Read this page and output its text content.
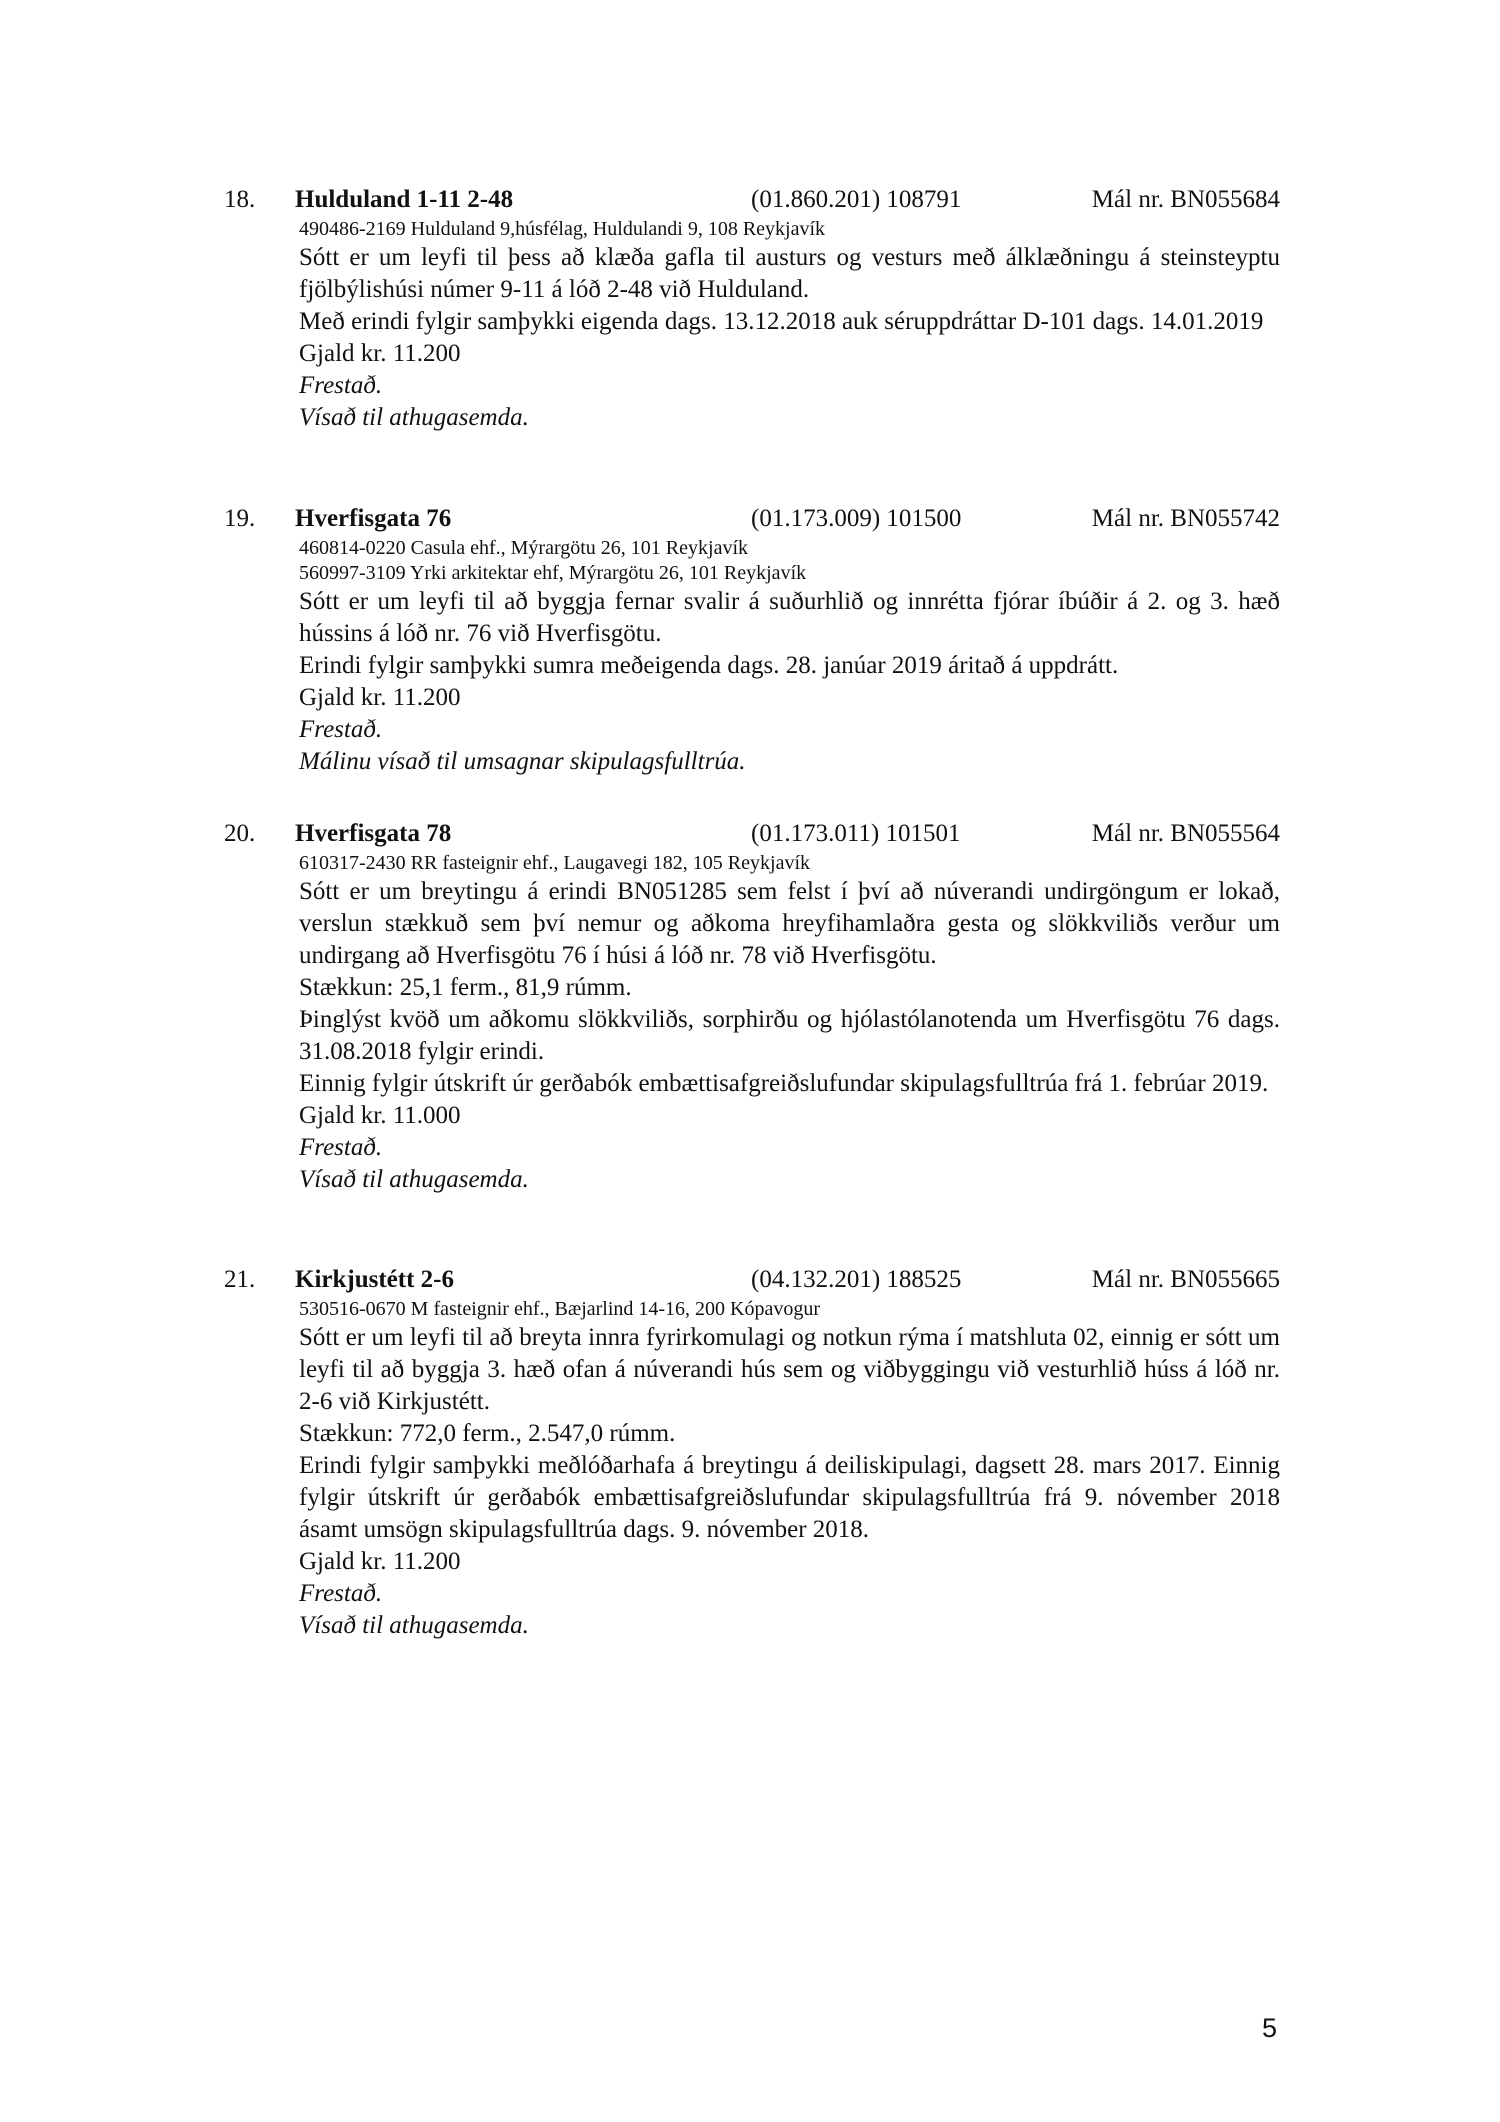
18. Hulduland 1-11 2-48	(01.860.201) 108791	Mál nr. BN055684
490486-2169 Hulduland 9,húsfélag, Huldulandi 9, 108 Reykjavík

Sótt er um leyfi til þess að klæða gafla til austurs og vesturs með álklæðningu á steinsteyptu fjölbýlishúsi númer 9-11 á lóð 2-48 við Hulduland.

Með erindi fylgir samþykki eigenda dags. 13.12.2018 auk séruppdráttar D-101 dags. 14.01.2019

Gjald kr. 11.200

Frestað.

Vísað til athugasemda.

19. Hverfisgata 76	(01.173.009) 101500	Mál nr. BN055742
460814-0220 Casula ehf., Mýrargötu 26, 101 Reykjavík
560997-3109 Yrki arkitektar ehf, Mýrargötu 26, 101 Reykjavík

Sótt er um leyfi til að byggja fernar svalir á suðurhlið og innrétta fjórar íbúðir á 2. og 3. hæð hússins á lóð nr. 76 við Hverfisgötu.

Erindi fylgir samþykki sumra meðeigenda dags. 28. janúar 2019 áritað á uppdrátt.

Gjald kr. 11.200

Frestað.

Málinu vísað til umsagnar skipulagsfulltrúa.

20. Hverfisgata 78	(01.173.011) 101501	Mál nr. BN055564
610317-2430 RR fasteignir ehf., Laugavegi 182, 105 Reykjavík

Sótt er um breytingu á erindi BN051285 sem felst í því að núverandi undirgöngum er lokað, verslun stækkuð sem því nemur og aðkoma hreyfihamlaðra gesta og slökkviliðs verður um undirgang að Hverfisgötu 76 í húsi á lóð nr. 78 við Hverfisgötu.

Stækkun: 25,1 ferm., 81,9 rúmm.

Þinglýst kvöð um aðkomu slökkviliðs, sorphirðu og hjólastólanotenda um Hverfisgötu 76 dags. 31.08.2018 fylgir erindi.

Einnig fylgir útskrift úr gerðabók embættisafgreiðslufundar skipulagsfulltrúa frá 1. febrúar 2019.

Gjald kr. 11.000

Frestað.

Vísað til athugasemda.

21. Kirkjustétt 2-6	(04.132.201) 188525	Mál nr. BN055665
530516-0670 M fasteignir ehf., Bæjarlind 14-16, 200 Kópavogur

Sótt er um leyfi til að breyta innra fyrirkomulagi og notkun rýma í matshluta 02, einnig er sótt um leyfi til að byggja 3. hæð ofan á núverandi hús sem og viðbyggingu við vesturhlið húss á lóð nr. 2-6 við Kirkjustétt.

Stækkun: 772,0 ferm., 2.547,0 rúmm.

Erindi fylgir samþykki meðlóðarhafa á breytingu á deiliskipulagi, dagsett 28. mars 2017. Einnig fylgir útskrift úr gerðabók embættisafgreiðslufundar skipulagsfulltrúa frá 9. nóvember 2018 ásamt umsögn skipulagsfulltrúa dags. 9. nóvember 2018.

Gjald kr. 11.200

Frestað.

Vísað til athugasemda.

5
